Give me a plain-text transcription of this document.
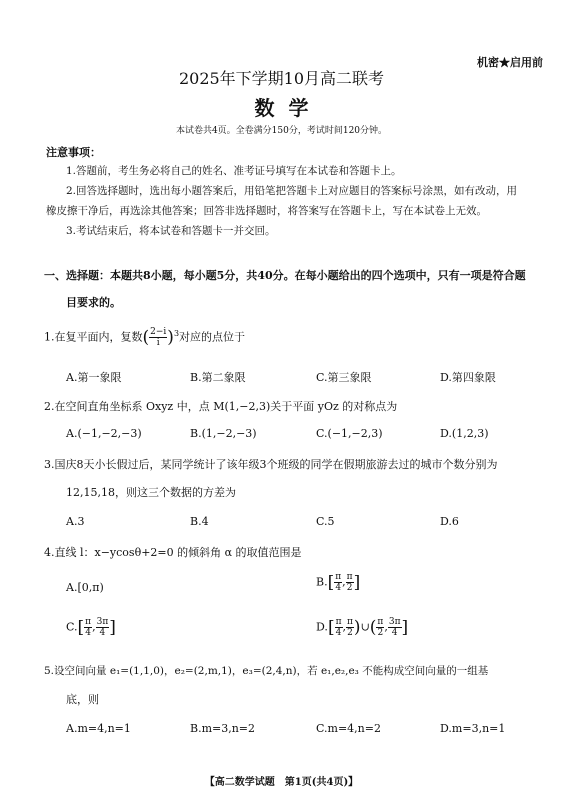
机密★启用前
2025年下学期10月高二联考
数学
本试卷共4页。全卷满分150分，考试时间120分钟。
注意事项：
1.答题前，考生务必将自己的姓名、准考证号填写在本试卷和答题卡上。
2.回答选择题时，选出每小题答案后，用铅笔把答题卡上对应题目的答案标号涂黑，如有改动，用
橡皮擦干净后，再选涂其他答案；回答非选择题时，将答案写在答题卡上，写在本试卷上无效。
3.考试结束后，将本试卷和答题卡一并交回。
一、选择题：本题共8小题，每小题5分，共40分。在每小题给出的四个选项中，只有一项是符合题
目要求的。
1.在复平面内，复数( $\frac{2-i}{i} )^3$对应的点位于
A.第一象限	B.第二象限	C.第三象限	D.第四象限
2.在空间直角坐标系 Oxyz 中，点 M(1,−2,3)关于平面 yOz 的对称点为
A.(−1,−2,−3)	B.(1,−2,−3)	C.(−1,−2,3)	D.(1,2,3)
3.国庆8天小长假过后，某同学统计了该年级3个班级的同学在假期旅游去过的城市个数分别为
12,15,18，则这三个数据的方差为
A.3	B.4	C.5	D.6
4.直线 l：x−ycosθ+2=0 的倾斜角 α 的取值范围是
A.[0,π)	$B.[ \frac{\pi}{4}$ , $\frac{\pi}{2}$ ]
$C.[ \frac{\pi}{4}$ , $\frac{3\pi}{4}$ ]	$D.[ \frac{\pi}{4}$ , $\frac{\pi}{2}$ )∪( $\frac{\pi}{2}$ , $\frac{3\pi}{4}$ ]
5.设空间向量 e₁=(1,1,0)，e₂=(2,m,1)，e₃=(2,4,n)，若 e₁,e₂,e₃ 不能构成空间向量的一组基
底，则
A.m=4,n=1	B.m=3,n=2	C.m=4,n=2	D.m=3,n=1
【高二数学试题　第1页(共4页)】
